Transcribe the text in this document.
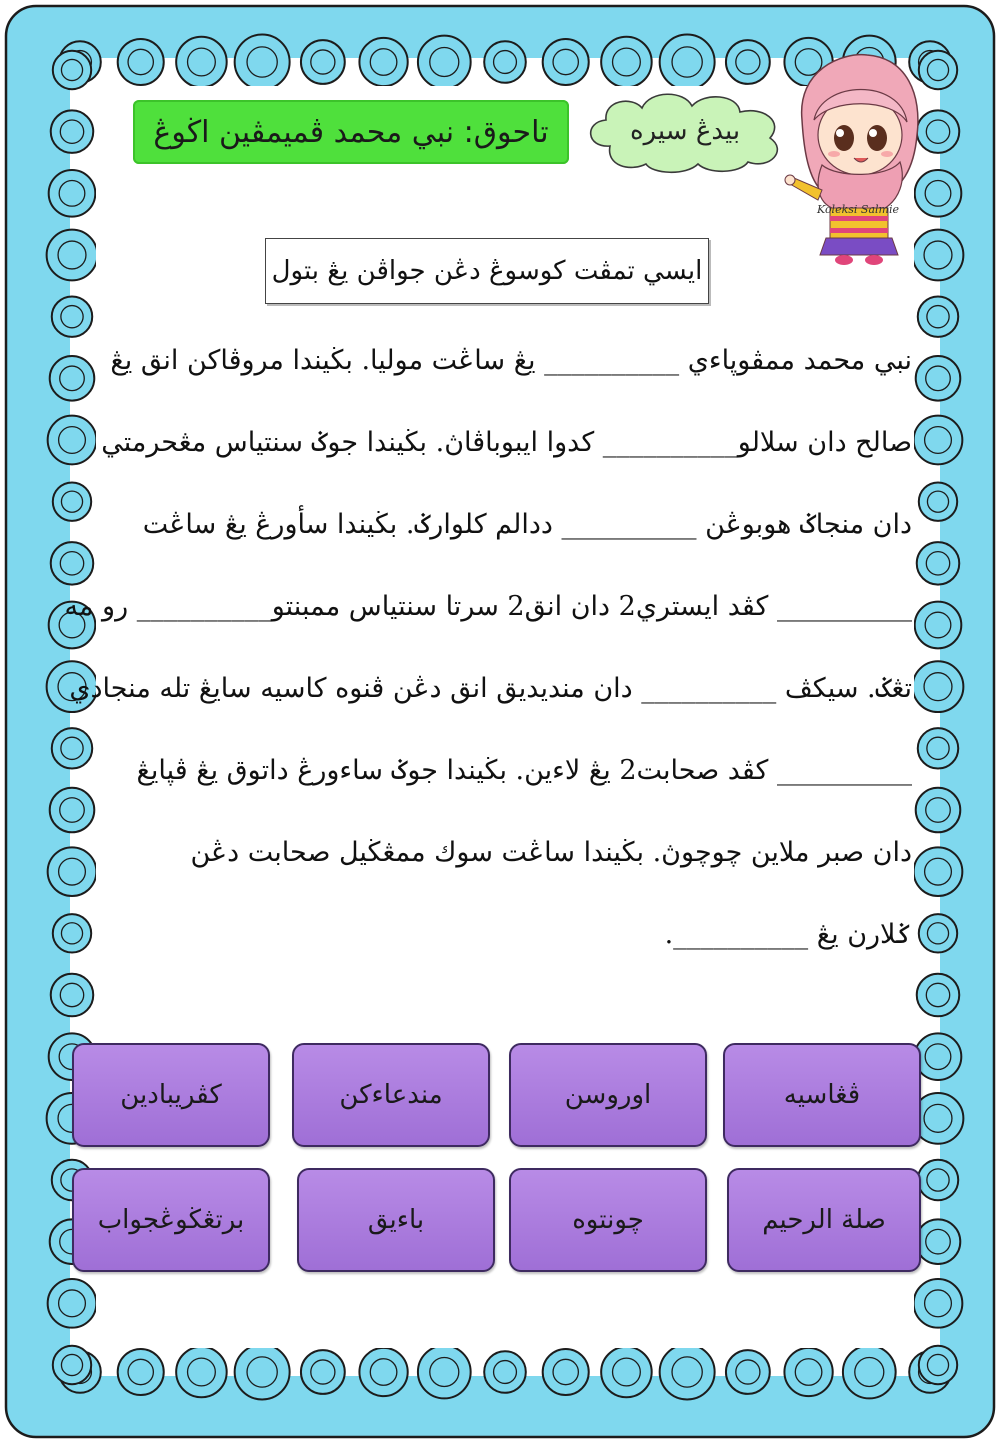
تاحوق: نبي محمد ڤميمڤين اڬوڠ	بيدڠ سيره
Koleksi Salmie
ايسي تمڤت كوسوڠ دڠن جواڤن يڠ بتول
نبي محمد ممڤوڽاءي __________ يڠ ساڠت موليا. بڬيندا مروڤاكن انق يڠ
صالح دان سلالو__________ كدوا ايبوباڤاڽ. بڬيندا جوݢ سنتياس مڠحرمتي
دان منجاݢ هوبوڠن __________ ددالم كلوارݢ. بڬيندا سأورڠ يڠ ساڠت
__________ كڤد ايستري2 دان انق2 سرتا سنتياس ممبنتو__________ رو مه
تڠݢ. سيكڤ __________ دان منديديق انق دڠن ڤنوه كاسيه سايڠ تله منجادي
__________ كڤد صحابت2 يڠ لاءين. بڬيندا جوݢ ساءورڠ داتوق يڠ ڤڽايڠ
دان صبر ملاين چوچوڽ. بڬيندا ساڠت سوك ممڠڬيل صحابت دڠن
ݢلارن يڠ __________.
ڤڠاسيه
اوروسن
مندعاءكن
كڤريبادين
صلة الرحيم
چونتوه
باءيق
برتڠڬوڠجواب
